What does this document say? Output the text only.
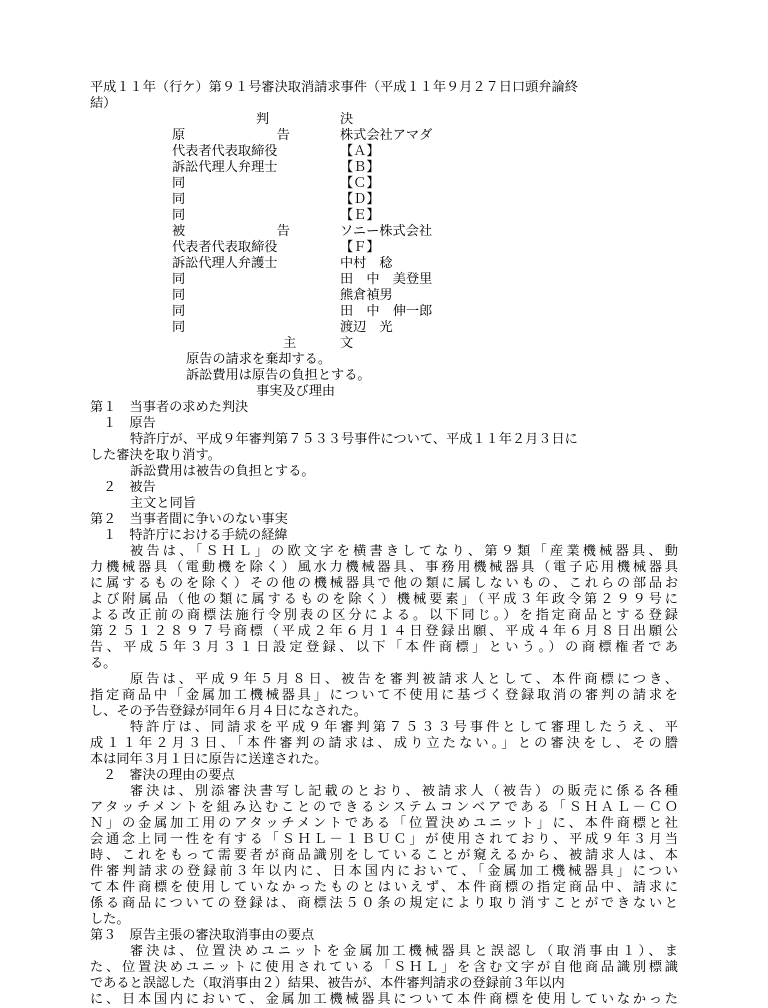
平成１１年（行ケ）第９１号審決取消請求事件（平成１１年９月２７日口頭弁論終
結）
判	決
原　告	株式会社アマダ
代表者代表取締役	【Ａ】
訴訟代理人弁理士	【Ｂ】
同	【Ｃ】
同	【Ｄ】
同	【Ｅ】
被　告	ソニー株式会社
代表者代表取締役	【Ｆ】
訴訟代理人弁護士	中村　稔
同	田　中　美登里
同	熊倉禎男
同	田　中　伸一郎
同	渡辺　光
主	文
原告の請求を棄却する。
訴訟費用は原告の負担とする。
事実及び理由
第１　当事者の求めた判決
１　原告
特許庁が、平成９年審判第７５３３号事件について、平成１１年２月３日に
した審決を取り消す。
訴訟費用は被告の負担とする。
２　被告
主文と同旨
第２　当事者間に争いのない事実
１　特許庁における手続の経緯
被告は、「ＳＨＬ」の欧文字を横書きしてなり、第９類「産業機械器具、動
力機械器具（電動機を除く）風水力機械器具、事務用機械器具（電子応用機械器具
に属するものを除く）その他の機械器具で他の類に属しないもの、これらの部品お
よび附属品（他の類に属するものを除く）機械要素」（平成３年政令第２９９号に
よる改正前の商標法施行令別表の区分による。以下同じ。）を指定商品とする登録
第２５１２８９７号商標（平成２年６月１４日登録出願、平成４年６月８日出願公
告、平成５年３月３１日設定登録、以下「本件商標」という。）の商標権者であ
る。
原告は、平成９年５月８日、被告を審判被請求人として、本件商標につき、
指定商品中「金属加工機械器具」について不使用に基づく登録取消の審判の請求を
し、その予告登録が同年６月４日になされた。
特許庁は、同請求を平成９年審判第７５３３号事件として審理したうえ、平
成１１年２月３日、「本件審判の請求は、成り立たない。」との審決をし、その謄
本は同年３月１日に原告に送達された。
２　審決の理由の要点
審決は、別添審決書写し記載のとおり、被請求人（被告）の販売に係る各種
アタッチメントを組み込むことのできるシステムコンベアである「ＳＨＡＬ－ＣＯ
Ｎ」の金属加工用のアタッチメントである「位置決めユニット」に、本件商標と社
会通念上同一性を有する「ＳＨＬ－１ＢＵＣ」が使用されており、平成９年３月当
時、これをもって需要者が商品識別をしていることが窺えるから、被請求人は、本
件審判請求の登録前３年以内に、日本国内において、「金属加工機械器具」につい
て本件商標を使用していなかったものとはいえず、本件商標の指定商品中、請求に
係る商品についての登録は、商標法５０条の規定により取り消すことができないと
した。
第３　原告主張の審決取消事由の要点
審決は、位置決めユニットを金属加工機械器具と誤認し（取消事由１）、ま
た、位置決めユニットに使用されている「ＳＨＬ」を含む文字が自他商品識別標識
であると誤認した（取消事由２）結果、被告が、本件審判請求の登録前３年以内
に、日本国内において、金属加工機械器具について本件商標を使用していなかった
